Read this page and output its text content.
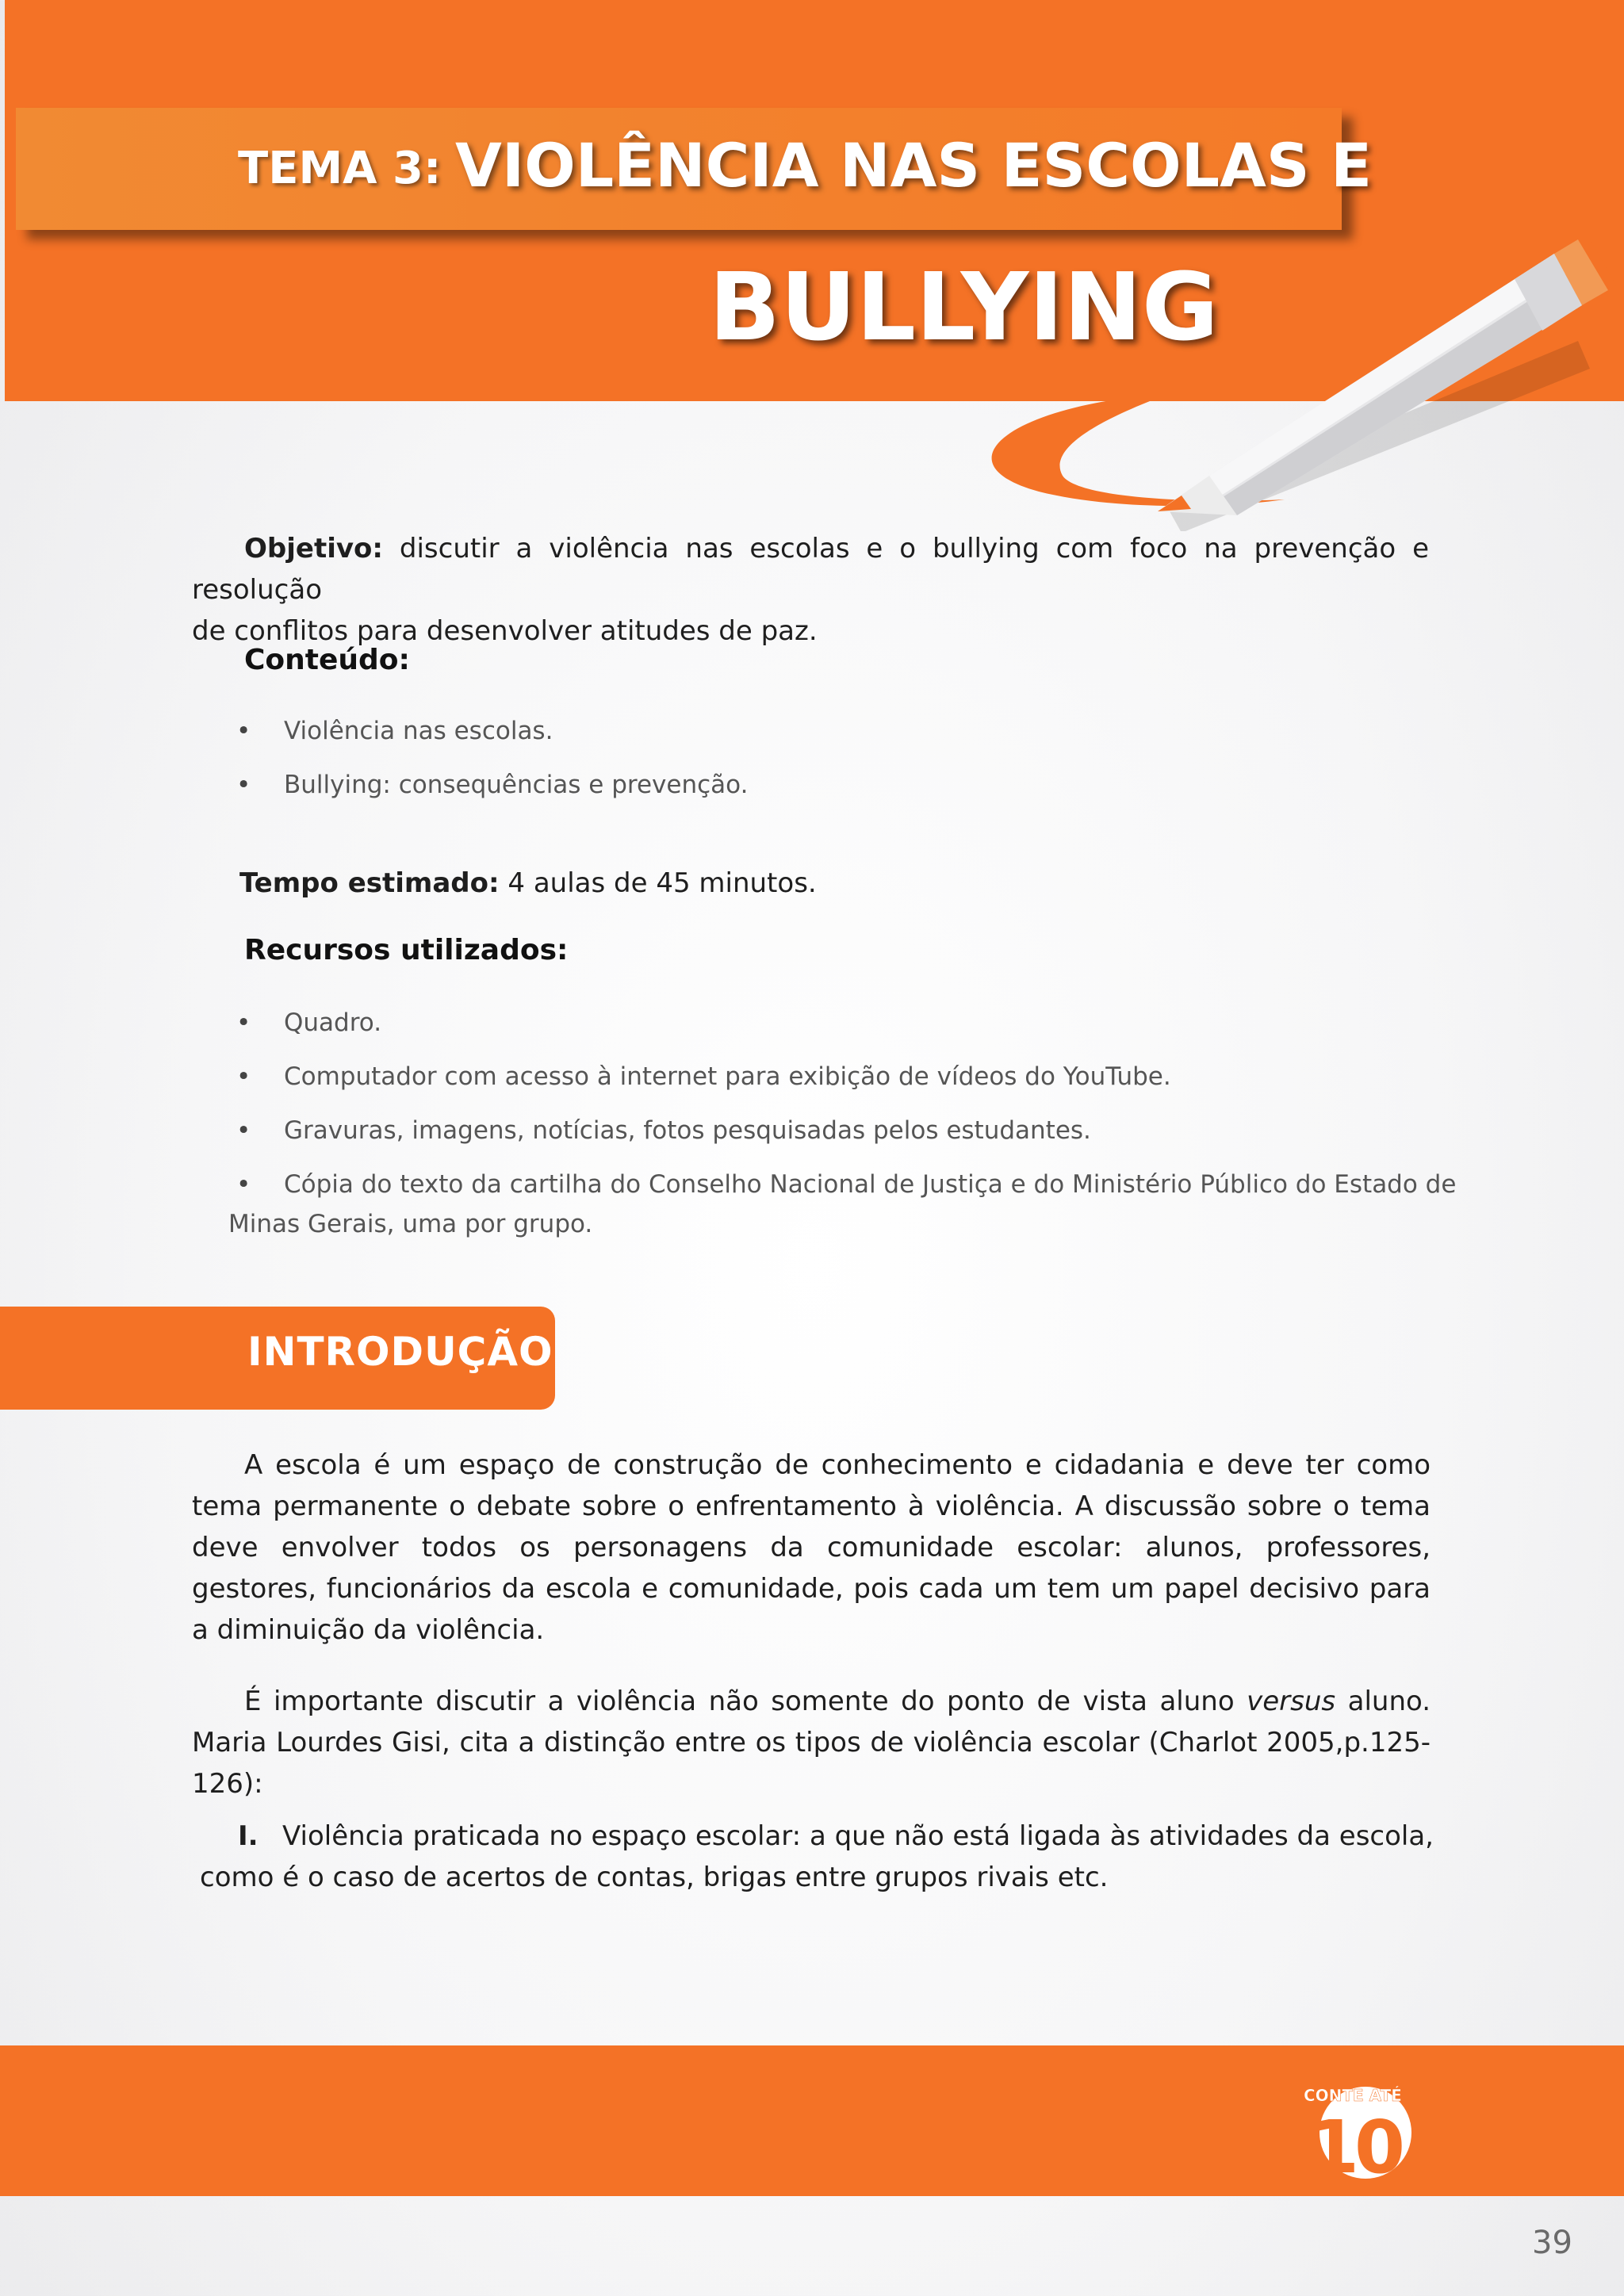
TEMA 3: VIOLÊNCIA NAS ESCOLAS E
BULLYING
Objetivo: discutir a violência nas escolas e o bullying com foco na prevenção e resolução
de conflitos para desenvolver atitudes de paz.
Conteúdo:
• Violência nas escolas.
• Bullying: consequências e prevenção.
Tempo estimado: 4 aulas de 45 minutos.
Recursos utilizados:
• Quadro.
• Computador com acesso à internet para exibição de vídeos do YouTube.
• Gravuras, imagens, notícias, fotos pesquisadas pelos estudantes.
• Cópia do texto da cartilha do Conselho Nacional de Justiça e do Ministério Público do Estado de
Minas Gerais, uma por grupo.
INTRODUÇÃO
A escola é um espaço de construção de conhecimento e cidadania e deve ter como tema permanente o debate sobre o enfrentamento à violência. A discussão sobre o tema deve envolver todos os personagens da comunidade escolar: alunos, professores, gestores, funcionários da escola e comunidade, pois cada um tem um papel decisivo para a diminuição da violência.
É importante discutir a violência não somente do ponto de vista aluno versus aluno. Maria Lourdes Gisi, cita a distinção entre os tipos de violência escolar (Charlot 2005,p.125-126):
I. Violência praticada no espaço escolar: a que não está ligada às atividades da escola,
como é o caso de acertos de contas, brigas entre grupos rivais etc.
CONTE ATÉ
10
39
